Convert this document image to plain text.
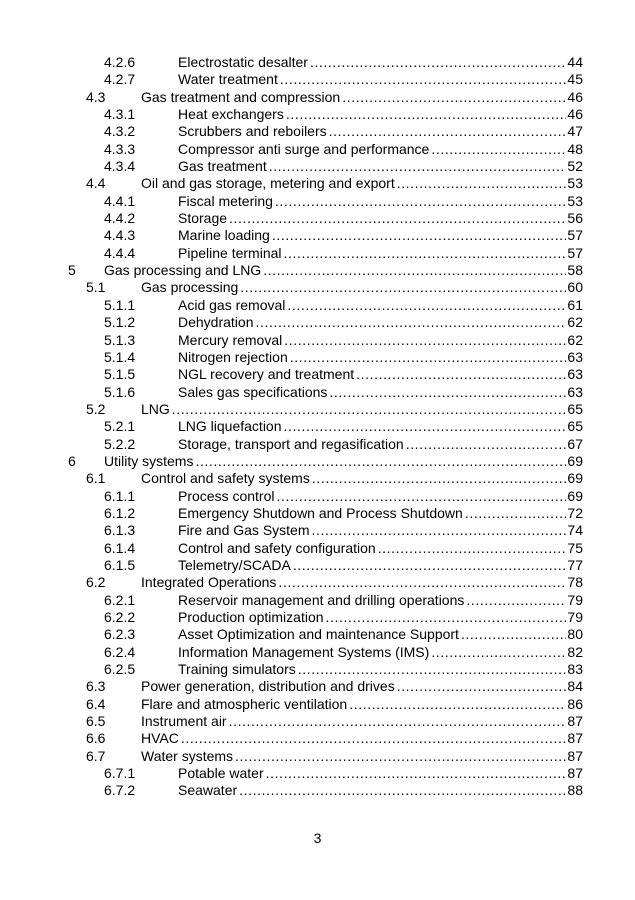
4.2.6	Electrostatic desalter .....	44
4.2.7	Water treatment .....	45
4.3	Gas treatment and compression .....	46
4.3.1	Heat exchangers .....	46
4.3.2	Scrubbers and reboilers .....	47
4.3.3	Compressor anti surge and performance .....	48
4.3.4	Gas treatment .....	52
4.4	Oil and gas storage, metering and export .....	53
4.4.1	Fiscal metering .....	53
4.4.2	Storage .....	56
4.4.3	Marine loading .....	57
4.4.4	Pipeline terminal .....	57
5 Gas processing and LNG .....	58
5.1	Gas processing .....	60
5.1.1	Acid gas removal .....	61
5.1.2	Dehydration .....	62
5.1.3	Mercury removal .....	62
5.1.4	Nitrogen rejection .....	63
5.1.5	NGL recovery and treatment .....	63
5.1.6	Sales gas specifications .....	63
5.2	LNG .....	65
5.2.1	LNG liquefaction .....	65
5.2.2	Storage, transport and regasification .....	67
6 Utility systems .....	69
6.1	Control and safety systems .....	69
6.1.1	Process control .....	69
6.1.2	Emergency Shutdown and Process Shutdown .....	72
6.1.3	Fire and Gas System .....	74
6.1.4	Control and safety configuration .....	75
6.1.5	Telemetry/SCADA .....	77
6.2	Integrated Operations .....	78
6.2.1	Reservoir management and drilling operations .....	79
6.2.2	Production optimization .....	79
6.2.3	Asset Optimization and maintenance Support .....	80
6.2.4	Information Management Systems (IMS) .....	82
6.2.5	Training simulators .....	83
6.3	Power generation, distribution and drives .....	84
6.4	Flare and atmospheric ventilation .....	86
6.5	Instrument air .....	87
6.6	HVAC .....	87
6.7	Water systems .....	87
6.7.1	Potable water .....	87
6.7.2	Seawater .....	88
3
